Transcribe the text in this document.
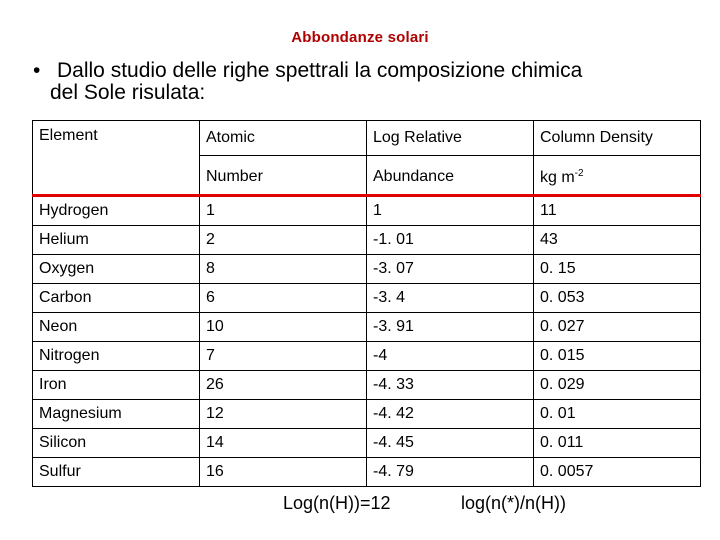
Abbondanze solari
• Dallo studio delle righe spettrali la composizione chimica
del Sole risulata:
Element	Atomic	Log Relative	Column Density
	Number	Abundance	kg $m^{-2}$
Hydrogen	1	1	11
Helium	2	-1. 01	43
Oxygen	8	-3. 07	0. 15
Carbon	6	-3. 4	0. 053
Neon	10	-3. 91	0. 027
Nitrogen	7	-4	0. 015
Iron	26	-4. 33	0. 029
Magnesium	12	-4. 42	0. 01
Silicon	14	-4. 45	0. 011
Sulfur	16	-4. 79	0. 0057
Log(n(H))=12	log(n(*)/n(H))
